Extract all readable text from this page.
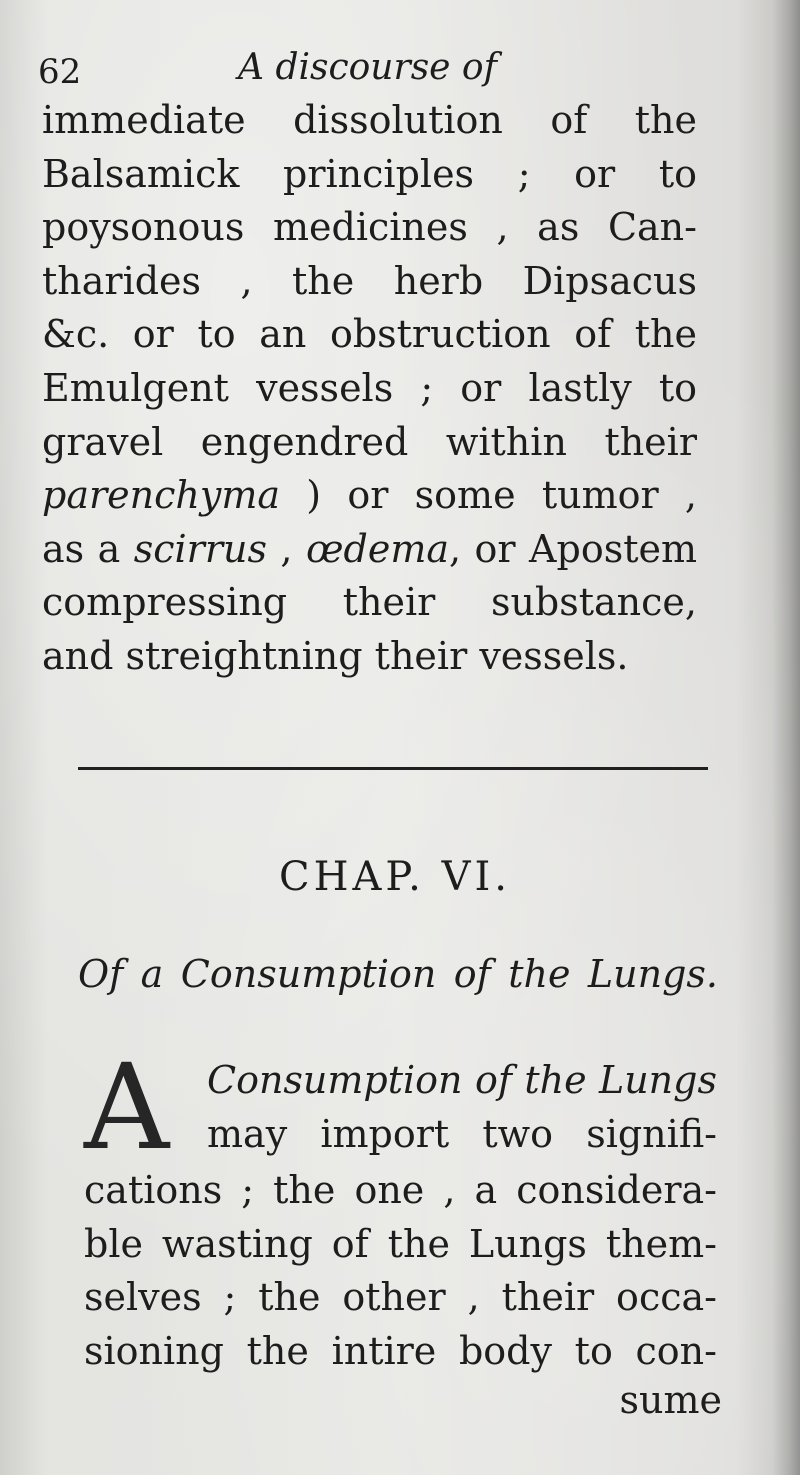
62	A discourse of
immediate dissolution of the
Balsamick principles ; or to
poysonous medicines , as Can-
tharides , the herb Dipsacus
&c. or to an obstruction of the
Emulgent vessels ; or lastly to
gravel engendred within their
parenchyma ) or some tumor ,
as a scirrus , œdema, or Apostem
compressing their substance,
and streightning their vessels.
CHAP. VI.
Of a Consumption of the Lungs.
A Consumption of the Lungs
may import two signifi-
cations ; the one , a considera-
ble wasting of the Lungs them-
selves ; the other , their occa-
sioning the intire body to con-
sume
